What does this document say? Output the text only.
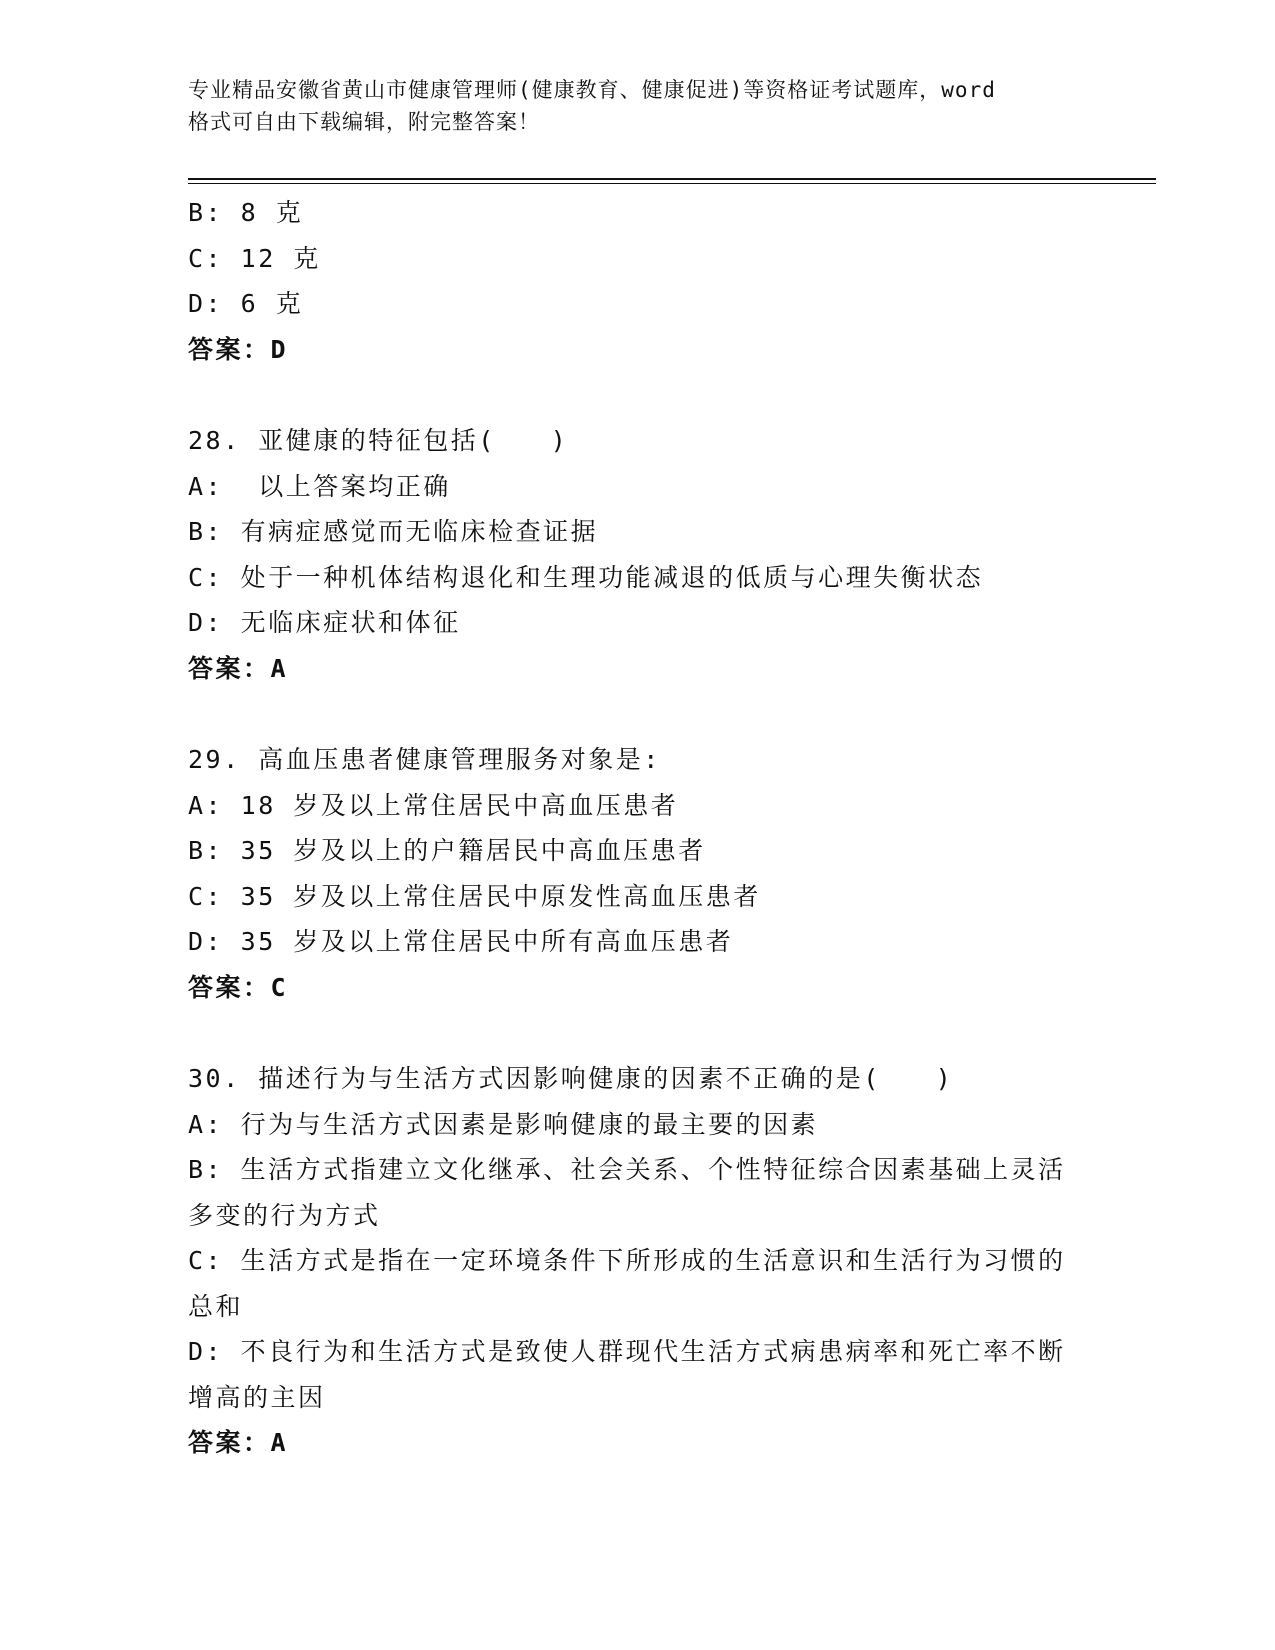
专业精品安徽省黄山市健康管理师(健康教育、健康促进)等资格证考试题库，word
格式可自由下载编辑，附完整答案！
B: 8 克
C: 12 克
D: 6 克
答案：D
28. 亚健康的特征包括(　　)
A:  以上答案均正确
B: 有病症感觉而无临床检查证据
C: 处于一种机体结构退化和生理功能减退的低质与心理失衡状态
D: 无临床症状和体征
答案：A
29. 高血压患者健康管理服务对象是:
A: 18 岁及以上常住居民中高血压患者
B: 35 岁及以上的户籍居民中高血压患者
C: 35 岁及以上常住居民中原发性高血压患者
D: 35 岁及以上常住居民中所有高血压患者
答案：C
30. 描述行为与生活方式因影响健康的因素不正确的是(　　)
A: 行为与生活方式因素是影响健康的最主要的因素
B: 生活方式指建立文化继承、社会关系、个性特征综合因素基础上灵活多变的行为方式
C: 生活方式是指在一定环境条件下所形成的生活意识和生活行为习惯的总和
D: 不良行为和生活方式是致使人群现代生活方式病患病率和死亡率不断增高的主因
答案：A
